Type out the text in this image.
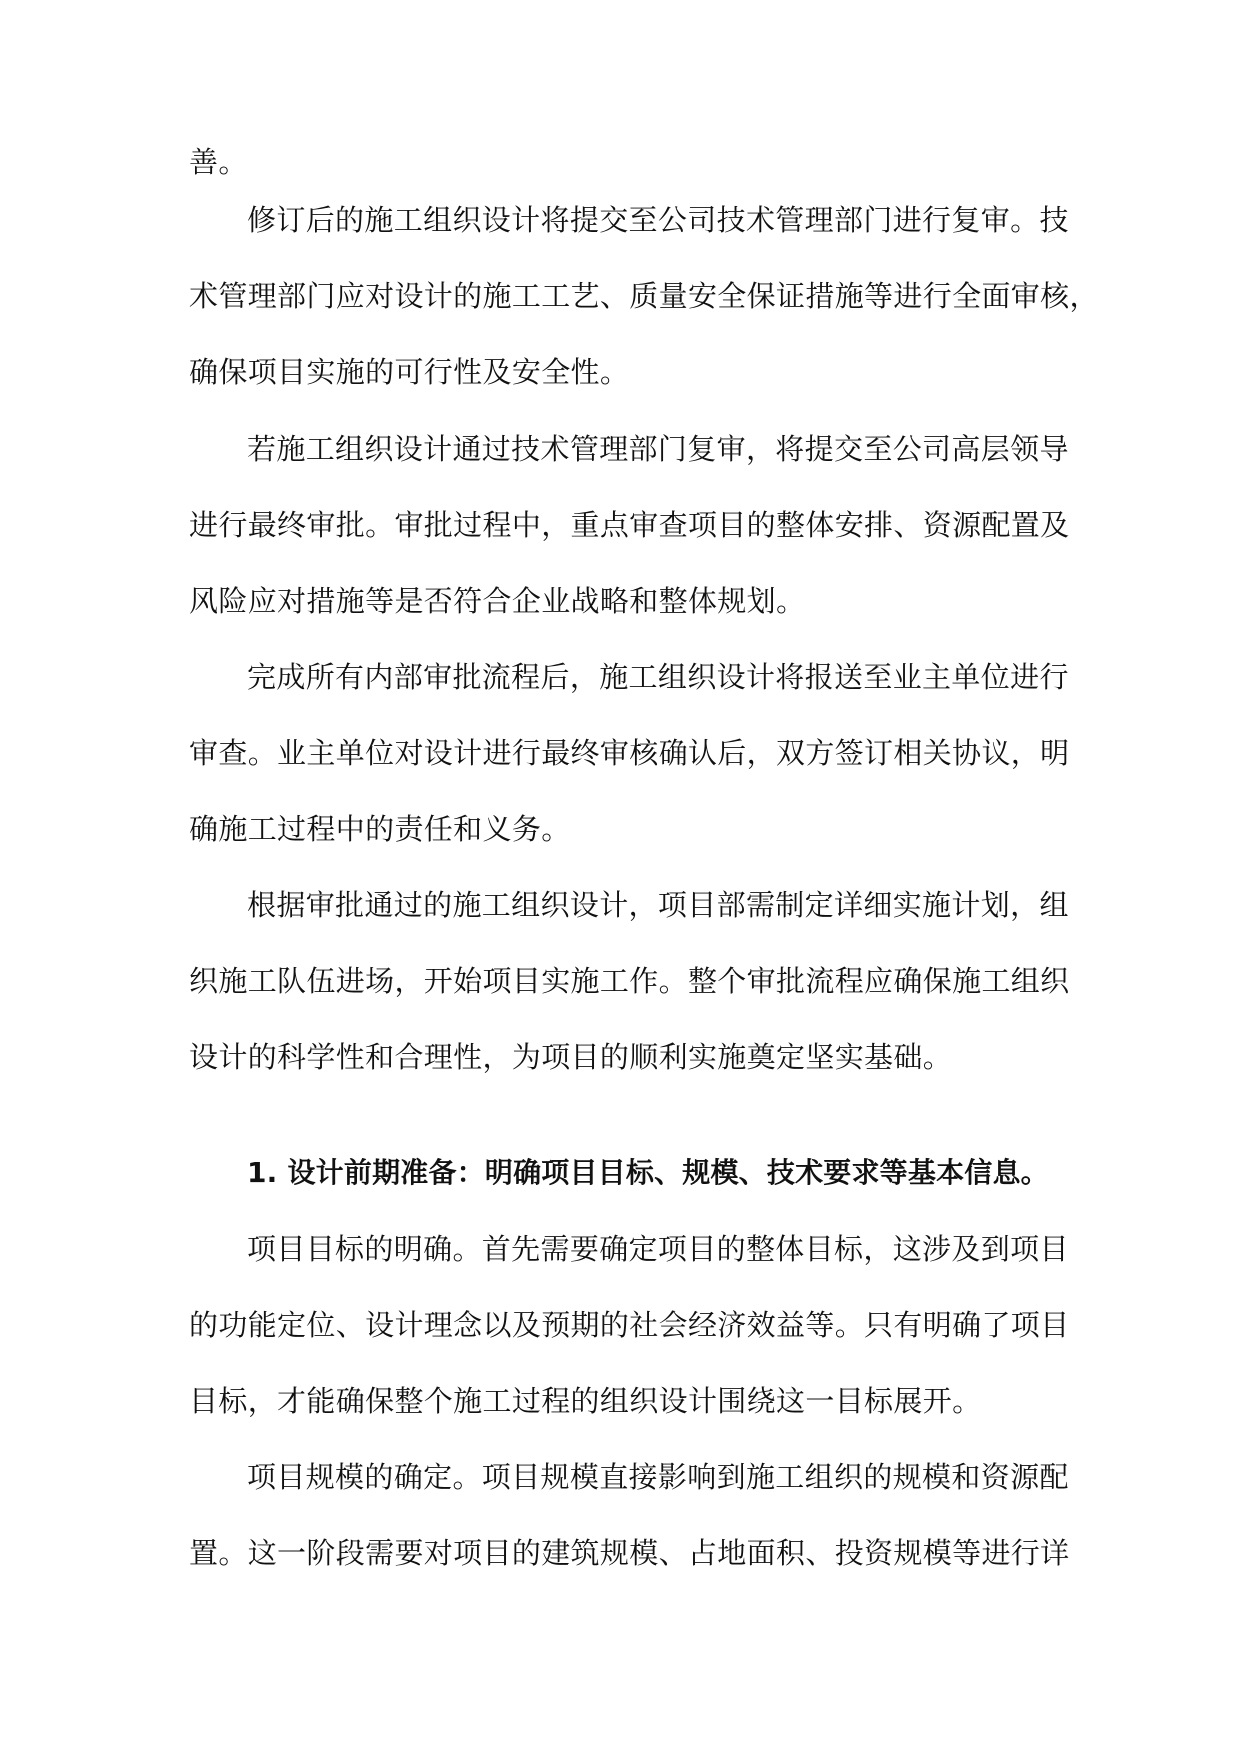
善。

修订后的施工组织设计将提交至公司技术管理部门进行复审。技

术管理部门应对设计的施工工艺、质量安全保证措施等进行全面审核，

确保项目实施的可行性及安全性。

若施工组织设计通过技术管理部门复审，将提交至公司高层领导

进行最终审批。审批过程中，重点审查项目的整体安排、资源配置及

风险应对措施等是否符合企业战略和整体规划。

完成所有内部审批流程后，施工组织设计将报送至业主单位进行

审查。业主单位对设计进行最终审核确认后，双方签订相关协议，明

确施工过程中的责任和义务。

根据审批通过的施工组织设计，项目部需制定详细实施计划，组

织施工队伍进场，开始项目实施工作。整个审批流程应确保施工组织

设计的科学性和合理性，为项目的顺利实施奠定坚实基础。

1. 设计前期准备：明确项目目标、规模、技术要求等基本信息。

项目目标的明确。首先需要确定项目的整体目标，这涉及到项目

的功能定位、设计理念以及预期的社会经济效益等。只有明确了项目

目标，才能确保整个施工过程的组织设计围绕这一目标展开。

项目规模的确定。项目规模直接影响到施工组织的规模和资源配

置。这一阶段需要对项目的建筑规模、占地面积、投资规模等进行详
